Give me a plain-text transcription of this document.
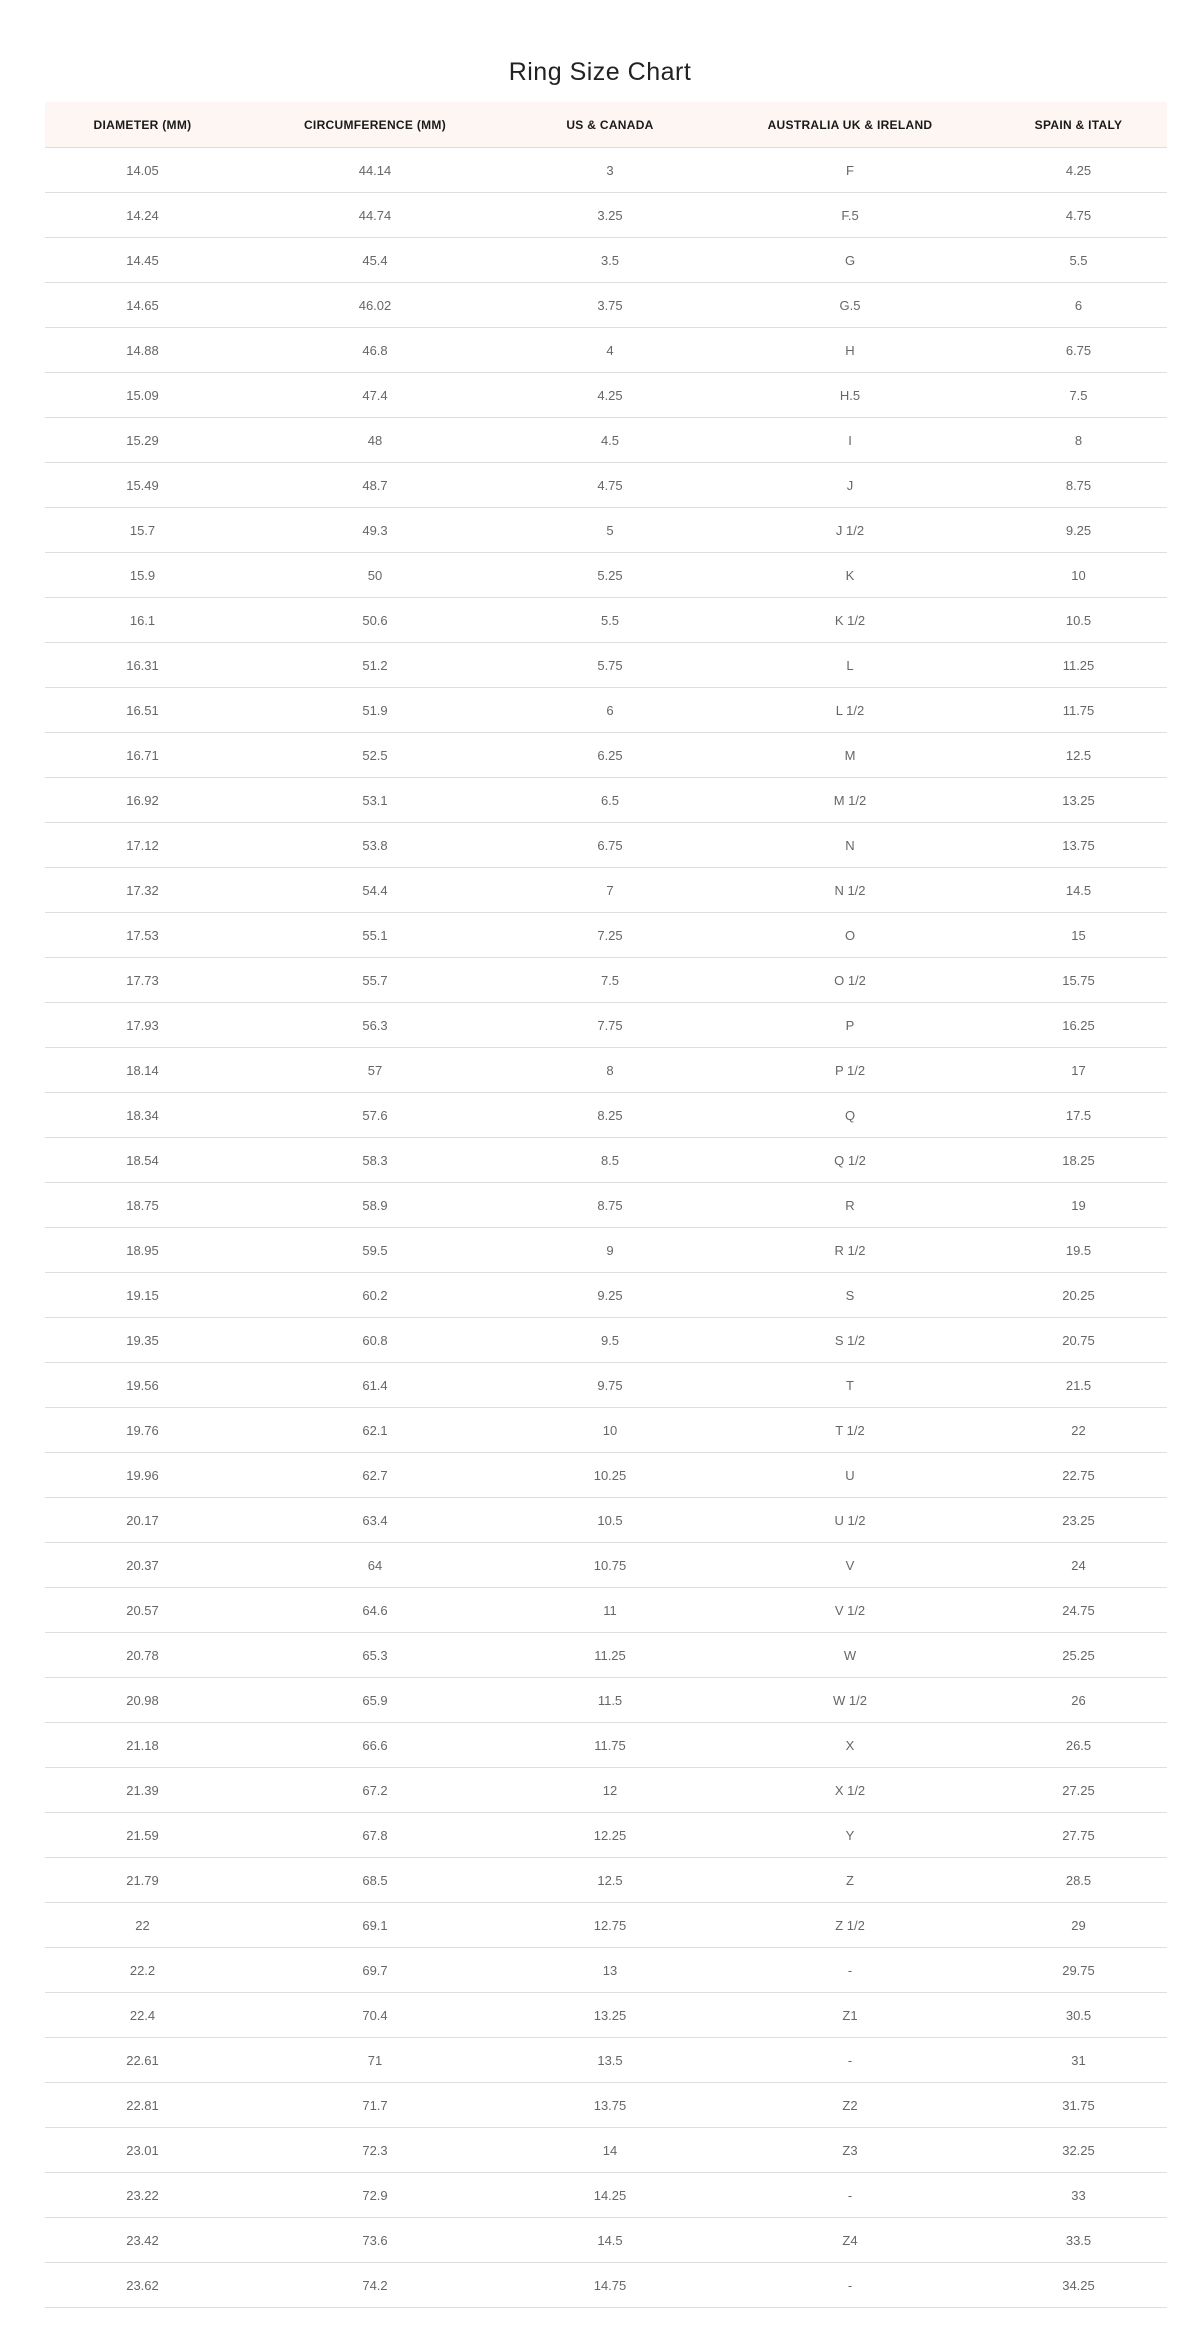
Ring Size Chart
DIAMETER (MM)	CIRCUMFERENCE (MM)	US & CANADA	AUSTRALIA UK & IRELAND	SPAIN & ITALY
14.05	44.14	3	F	4.25
14.24	44.74	3.25	F.5	4.75
14.45	45.4	3.5	G	5.5
14.65	46.02	3.75	G.5	6
14.88	46.8	4	H	6.75
15.09	47.4	4.25	H.5	7.5
15.29	48	4.5	I	8
15.49	48.7	4.75	J	8.75
15.7	49.3	5	J 1/2	9.25
15.9	50	5.25	K	10
16.1	50.6	5.5	K 1/2	10.5
16.31	51.2	5.75	L	11.25
16.51	51.9	6	L 1/2	11.75
16.71	52.5	6.25	M	12.5
16.92	53.1	6.5	M 1/2	13.25
17.12	53.8	6.75	N	13.75
17.32	54.4	7	N 1/2	14.5
17.53	55.1	7.25	O	15
17.73	55.7	7.5	O 1/2	15.75
17.93	56.3	7.75	P	16.25
18.14	57	8	P 1/2	17
18.34	57.6	8.25	Q	17.5
18.54	58.3	8.5	Q 1/2	18.25
18.75	58.9	8.75	R	19
18.95	59.5	9	R 1/2	19.5
19.15	60.2	9.25	S	20.25
19.35	60.8	9.5	S 1/2	20.75
19.56	61.4	9.75	T	21.5
19.76	62.1	10	T 1/2	22
19.96	62.7	10.25	U	22.75
20.17	63.4	10.5	U 1/2	23.25
20.37	64	10.75	V	24
20.57	64.6	11	V 1/2	24.75
20.78	65.3	11.25	W	25.25
20.98	65.9	11.5	W 1/2	26
21.18	66.6	11.75	X	26.5
21.39	67.2	12	X 1/2	27.25
21.59	67.8	12.25	Y	27.75
21.79	68.5	12.5	Z	28.5
22	69.1	12.75	Z 1/2	29
22.2	69.7	13	-	29.75
22.4	70.4	13.25	Z1	30.5
22.61	71	13.5	-	31
22.81	71.7	13.75	Z2	31.75
23.01	72.3	14	Z3	32.25
23.22	72.9	14.25	-	33
23.42	73.6	14.5	Z4	33.5
23.62	74.2	14.75	-	34.25
